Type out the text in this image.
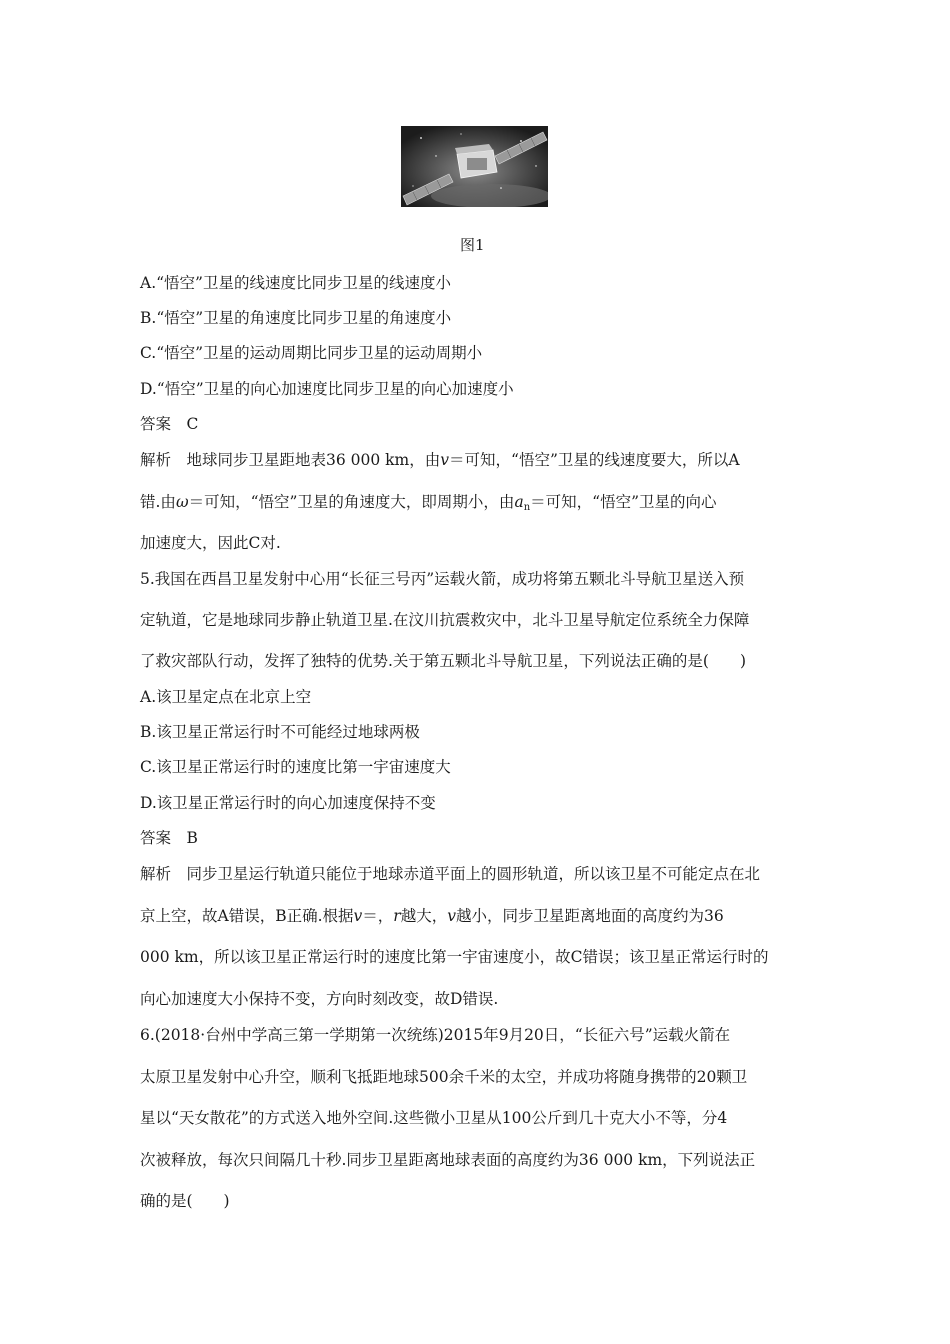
图1
A.“悟空”卫星的线速度比同步卫星的线速度小
B.“悟空”卫星的角速度比同步卫星的角速度小
C.“悟空”卫星的运动周期比同步卫星的运动周期小
D.“悟空”卫星的向心加速度比同步卫星的向心加速度小
答案　C
解析　地球同步卫星距地表36 000 km，由v＝可知，“悟空”卫星的线速度要大，所以A
错.由ω＝可知，“悟空”卫星的角速度大，即周期小，由$a_n=$可知，“悟空”卫星的向心
加速度大，因此C对.
5.我国在西昌卫星发射中心用“长征三号丙”运载火箭，成功将第五颗北斗导航卫星送入预
定轨道，它是地球同步静止轨道卫星.在汶川抗震救灾中，北斗卫星导航定位系统全力保障
了救灾部队行动，发挥了独特的优势.关于第五颗北斗导航卫星，下列说法正确的是(　　)
A.该卫星定点在北京上空
B.该卫星正常运行时不可能经过地球两极
C.该卫星正常运行时的速度比第一宇宙速度大
D.该卫星正常运行时的向心加速度保持不变
答案　B
解析　同步卫星运行轨道只能位于地球赤道平面上的圆形轨道，所以该卫星不可能定点在北
京上空，故A错误，B正确.根据v＝，r越大，v越小，同步卫星距离地面的高度约为36
000 km，所以该卫星正常运行时的速度比第一宇宙速度小，故C错误；该卫星正常运行时的
向心加速度大小保持不变，方向时刻改变，故D错误.
6.(2018·台州中学高三第一学期第一次统练)2015年9月20日，“长征六号”运载火箭在
太原卫星发射中心升空，顺利飞抵距地球500余千米的太空，并成功将随身携带的20颗卫
星以“天女散花”的方式送入地外空间.这些微小卫星从100公斤到几十克大小不等，分4
次被释放，每次只间隔几十秒.同步卫星距离地球表面的高度约为36 000 km，下列说法正
确的是(　　)
